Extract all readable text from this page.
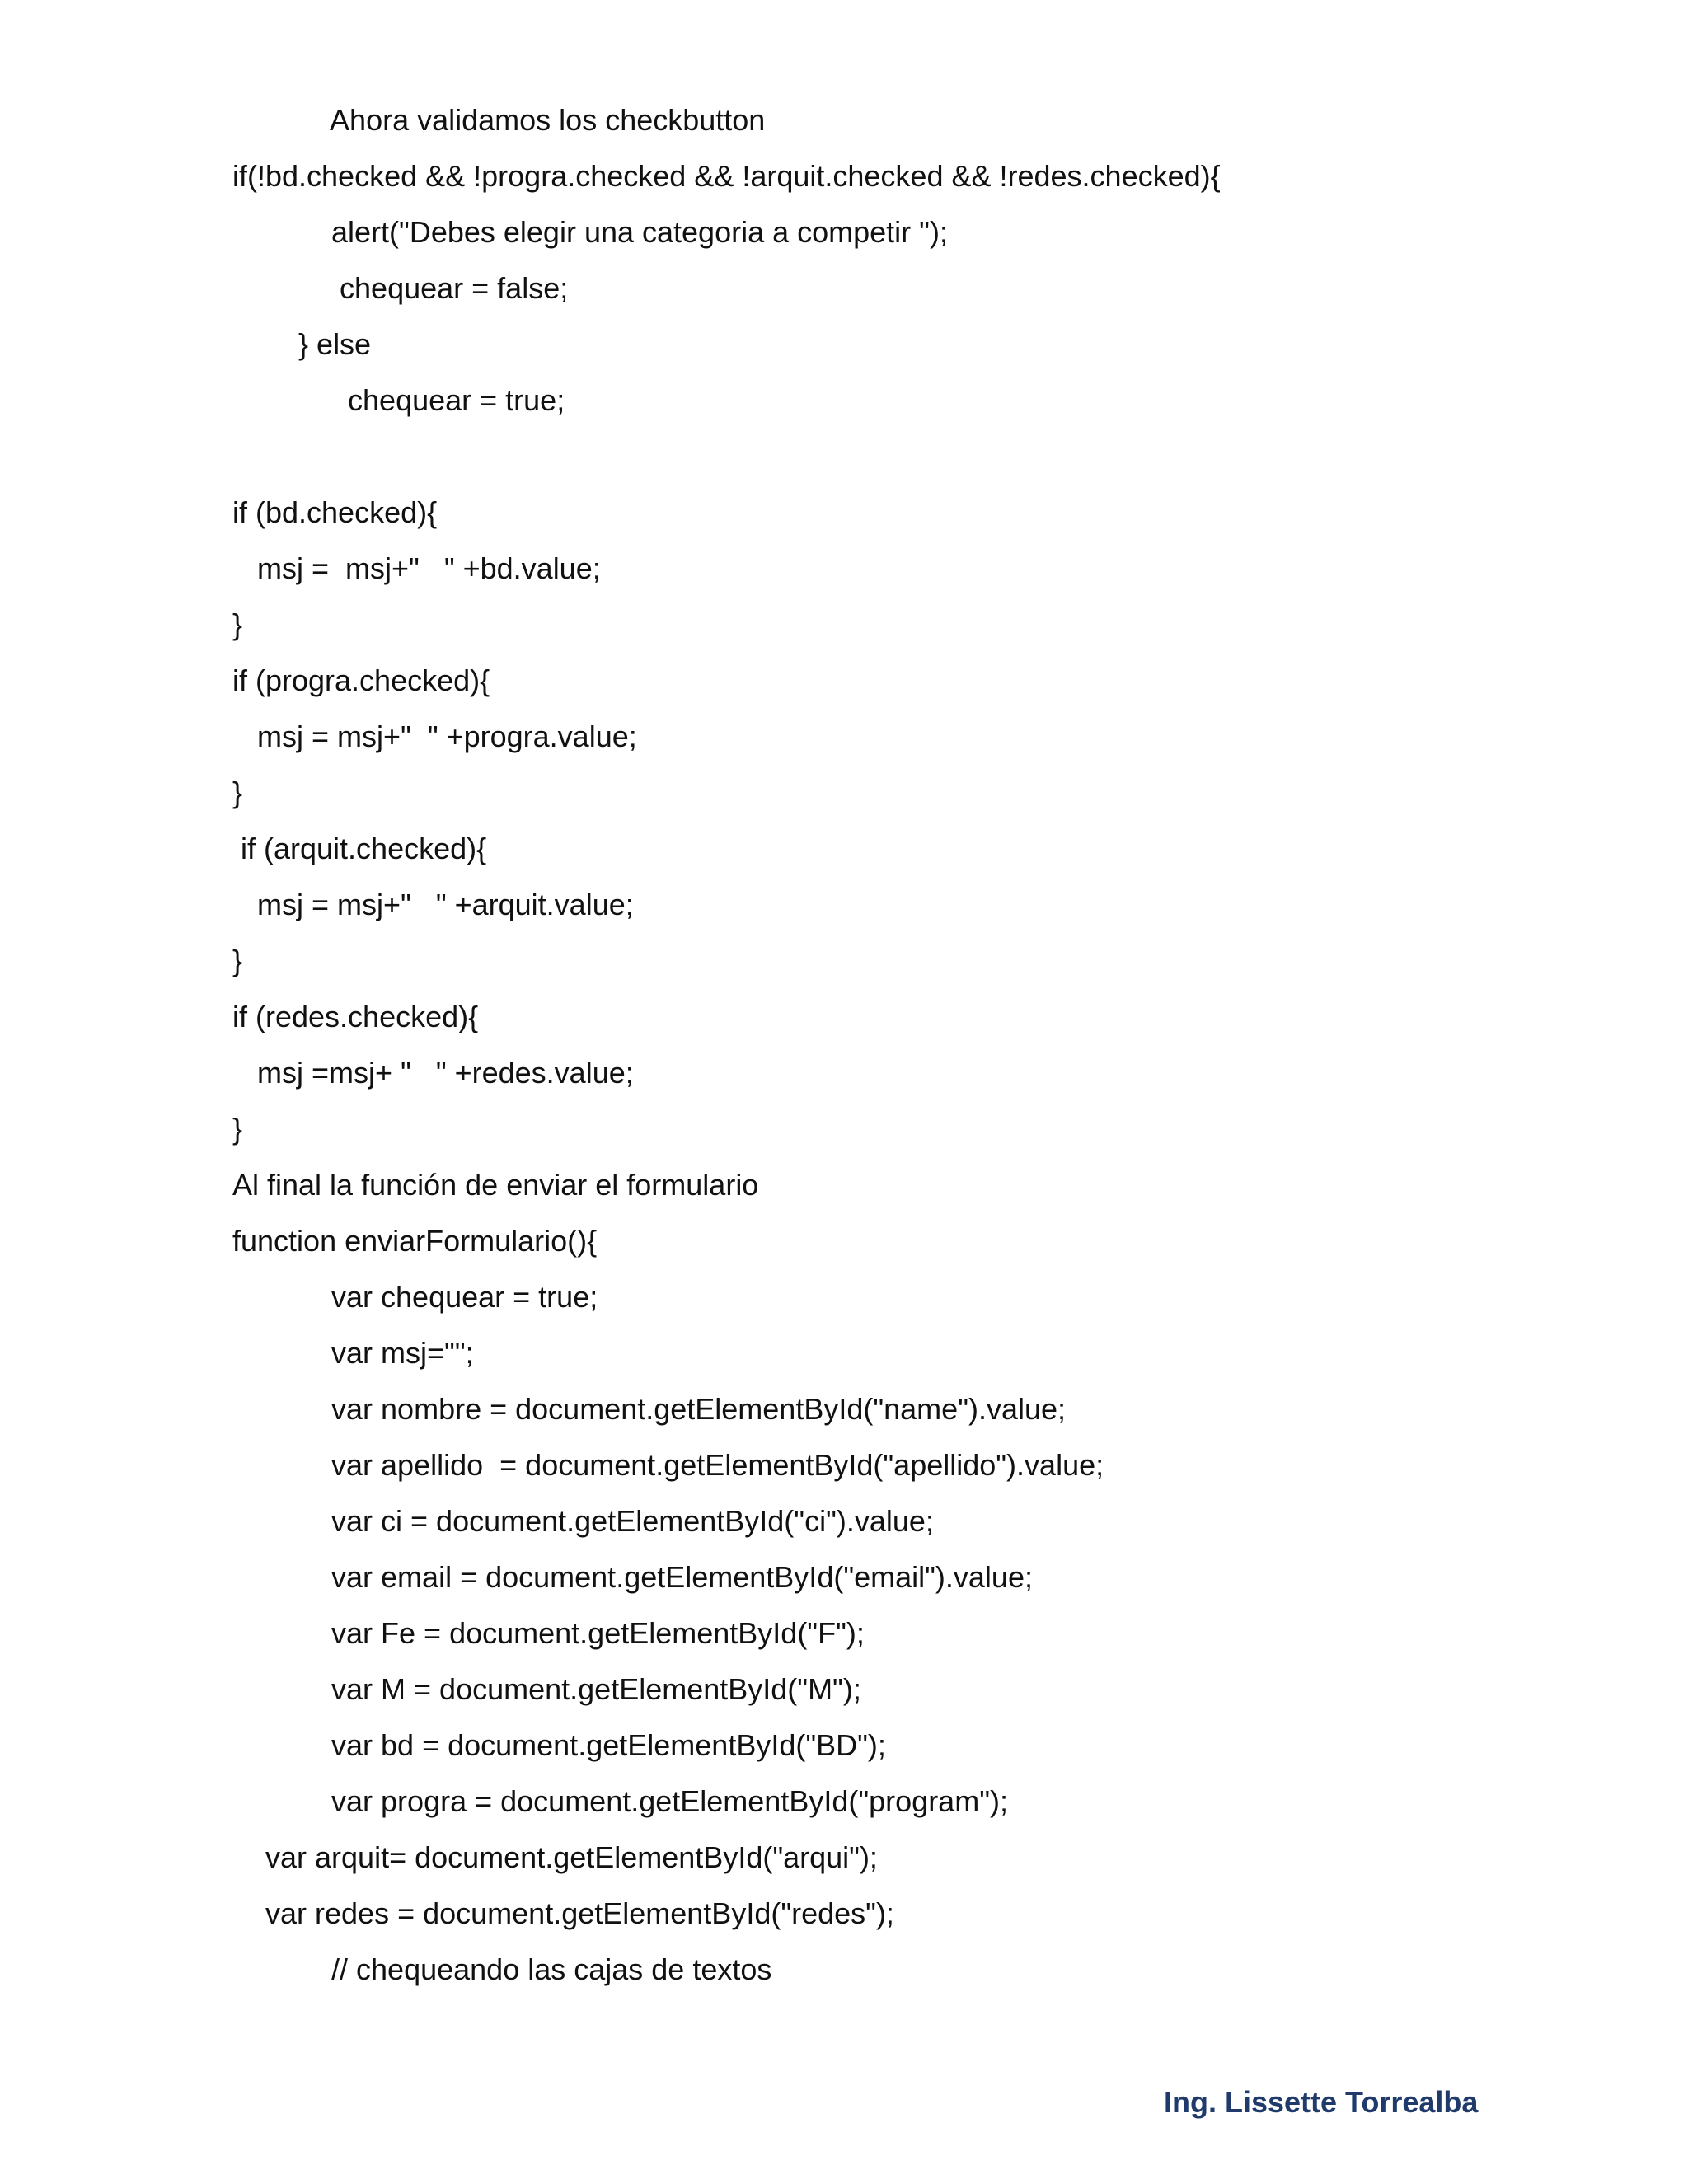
Ahora validamos los checkbutton
if(!bd.checked && !progra.checked && !arquit.checked && !redes.checked){
alert("Debes elegir una categoria a competir ");
chequear = false;
} else
chequear = true;
if (bd.checked){
msj =  msj+"   " +bd.value;
}
if (progra.checked){
msj = msj+"  " +progra.value;
}
if (arquit.checked){
msj = msj+"   " +arquit.value;
}
if (redes.checked){
msj =msj+ "   " +redes.value;
}
Al final la función de enviar el formulario
function enviarFormulario(){
var chequear = true;
var msj="";
var nombre = document.getElementById("name").value;
var apellido  = document.getElementById("apellido").value;
var ci = document.getElementById("ci").value;
var email = document.getElementById("email").value;
var Fe = document.getElementById("F");
var M = document.getElementById("M");
var bd = document.getElementById("BD");
var progra = document.getElementById("program");
var arquit= document.getElementById("arqui");
var redes = document.getElementById("redes");
// chequeando las cajas de textos
Ing. Lissette Torrealba
